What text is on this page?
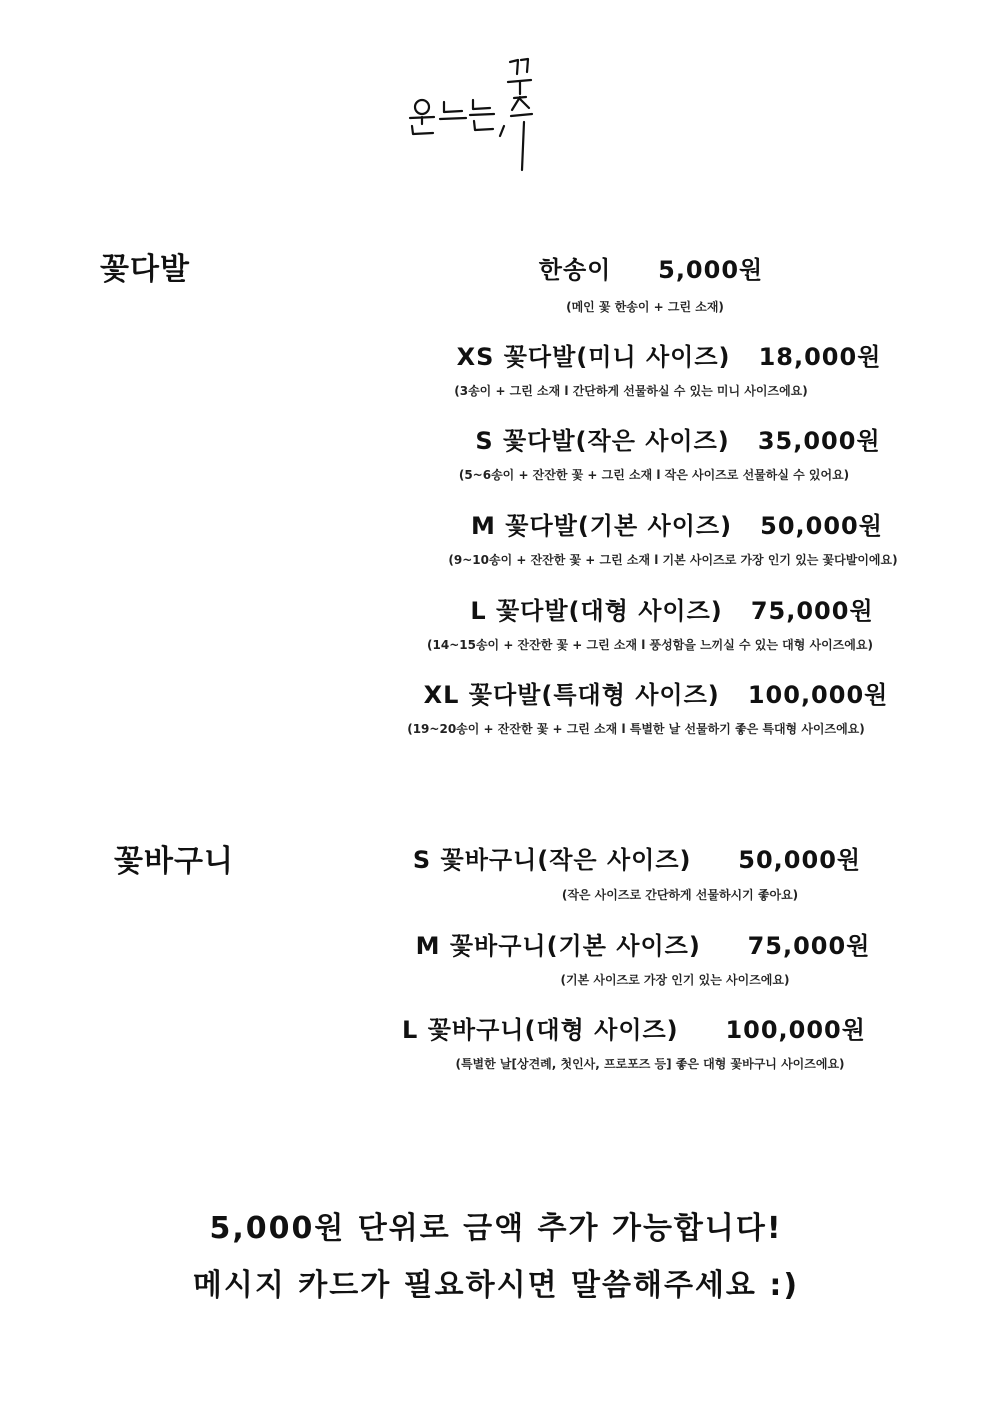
꽃다발	한송이 5,000원
(메인 꽃 한송이 + 그린 소재)
XS 꽃다발(미니 사이즈) 18,000원
(3송이 + 그린 소재 l 간단하게 선물하실 수 있는 미니 사이즈에요)
S 꽃다발(작은 사이즈) 35,000원
(5~6송이 + 잔잔한 꽃 + 그린 소재 l 작은 사이즈로 선물하실 수 있어요)
M 꽃다발(기본 사이즈) 50,000원
(9~10송이 + 잔잔한 꽃 + 그린 소재 l 기본 사이즈로 가장 인기 있는 꽃다발이에요)
L 꽃다발(대형 사이즈) 75,000원
(14~15송이 + 잔잔한 꽃 + 그린 소재 l 풍성함을 느끼실 수 있는 대형 사이즈에요)
XL 꽃다발(특대형 사이즈) 100,000원
(19~20송이 + 잔잔한 꽃 + 그린 소재 l 특별한 날 선물하기 좋은 특대형 사이즈에요)
꽃바구니	S 꽃바구니(작은 사이즈) 50,000원
(작은 사이즈로 간단하게 선물하시기 좋아요)
M 꽃바구니(기본 사이즈) 75,000원
(기본 사이즈로 가장 인기 있는 사이즈에요)
L 꽃바구니(대형 사이즈) 100,000원
(특별한 날[상견례, 첫인사, 프로포즈 등] 좋은 대형 꽃바구니 사이즈에요)
5,000원 단위로 금액 추가 가능합니다!
메시지 카드가 필요하시면 말씀해주세요 :)
